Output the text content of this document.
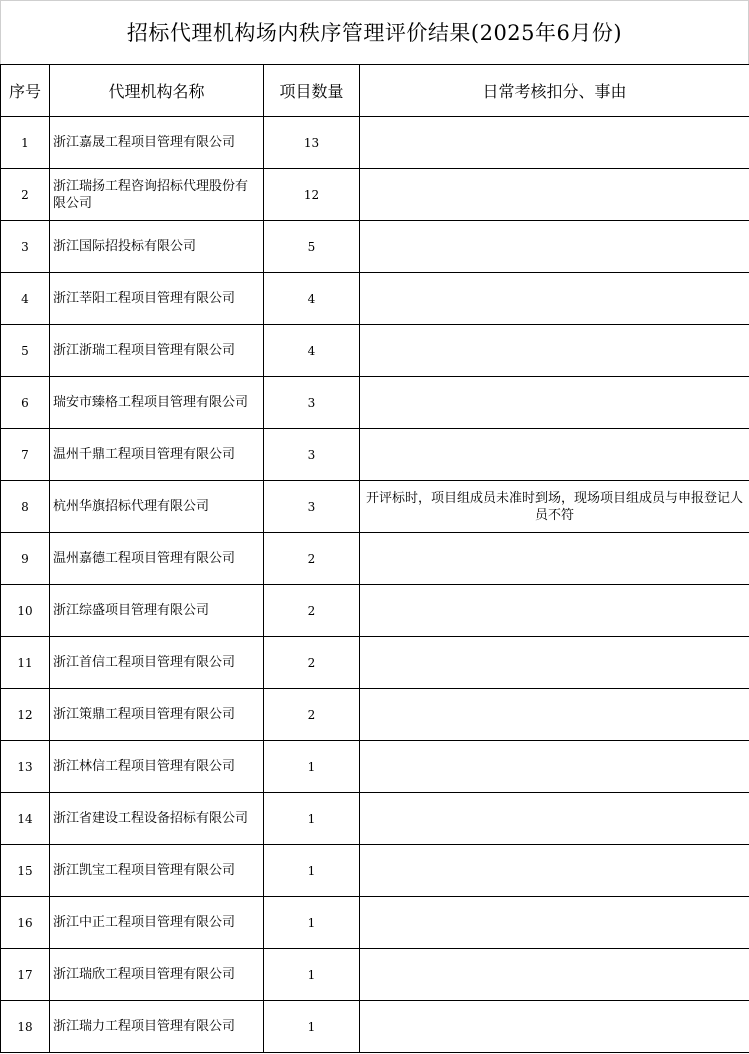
招标代理机构场内秩序管理评价结果(2025年6月份)
序号	代理机构名称	项目数量	日常考核扣分、事由
1	浙江嘉晟工程项目管理有限公司	13	
2	浙江瑞扬工程咨询招标代理股份有限公司	12	
3	浙江国际招投标有限公司	5	
4	浙江莘阳工程项目管理有限公司	4	
5	浙江浙瑞工程项目管理有限公司	4	
6	瑞安市臻格工程项目管理有限公司	3	
7	温州千鼎工程项目管理有限公司	3	
8	杭州华旗招标代理有限公司	3	开评标时，项目组成员未准时到场，现场项目组成员与申报登记人员不符
9	温州嘉德工程项目管理有限公司	2	
10	浙江综盛项目管理有限公司	2	
11	浙江首信工程项目管理有限公司	2	
12	浙江策鼎工程项目管理有限公司	2	
13	浙江林信工程项目管理有限公司	1	
14	浙江省建设工程设备招标有限公司	1	
15	浙江凯宝工程项目管理有限公司	1	
16	浙江中正工程项目管理有限公司	1	
17	浙江瑞欣工程项目管理有限公司	1	
18	浙江瑞力工程项目管理有限公司	1	
